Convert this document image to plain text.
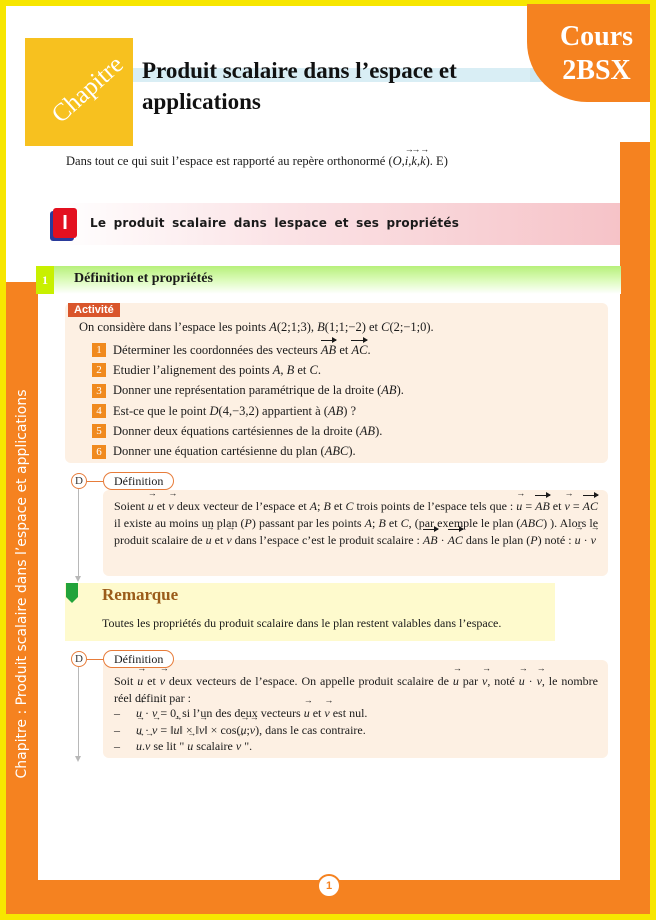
Chapitre Produit scalaire dans l’espace et applications
Cours
2BSX
Dans tout ce qui suit l’espace est rapporté au repère orthonormé (O,→ i,→ k,→ k). E)
I	Le produit scalaire dans lespace et ses propriétés
1	Définition et propriétés
Activité
On considère dans l’espace les points A(2;1;3), B(1;1;−2) et C(2;−1;0).
1 Déterminer les coordonnées des vecteurs AB et AC.
2 Etudier l’alignement des points A, B et C.
3 Donner une représentation paramétrique de la droite (AB).
4 Est-ce que le point D(4,−3,2) appartient à (AB) ?
5 Donner deux équations cartésiennes de la droite (AB).
6 Donner une équation cartésienne du plan (ABC).
D	Définition
Soient → u et → v deux vecteur de l’espace et A; B et C trois points de l’espace tels que : → u = AB et → v = AC il existe au moins un plan (P) passant par les points A; B et C, (par exemple le plan (ABC) ). Alors le produit scalaire de → u et → v dans l’espace c’est le produit scalaire : AB · AC dans le plan (P) noté : → u · → v
Remarque
Toutes les propriétés du produit scalaire dans le plan restent valables dans l’espace.
D	Définition
Soit → u et → v deux vecteurs de l’espace. On appelle produit scalaire de → u par → v, noté → u · → v, le nombre réel définit par :
– → u · → v = 0, si l’un des deux vecteurs → u et → v est nul.
– → u · → v = ‖→ u‖ × ‖→ v‖ × cos(→ u;→ v), dans le cas contraire.
– → u.→ v se lit " → u scalaire → v ".
Chapitre : Produit scalaire dans l’espace et applications
1
